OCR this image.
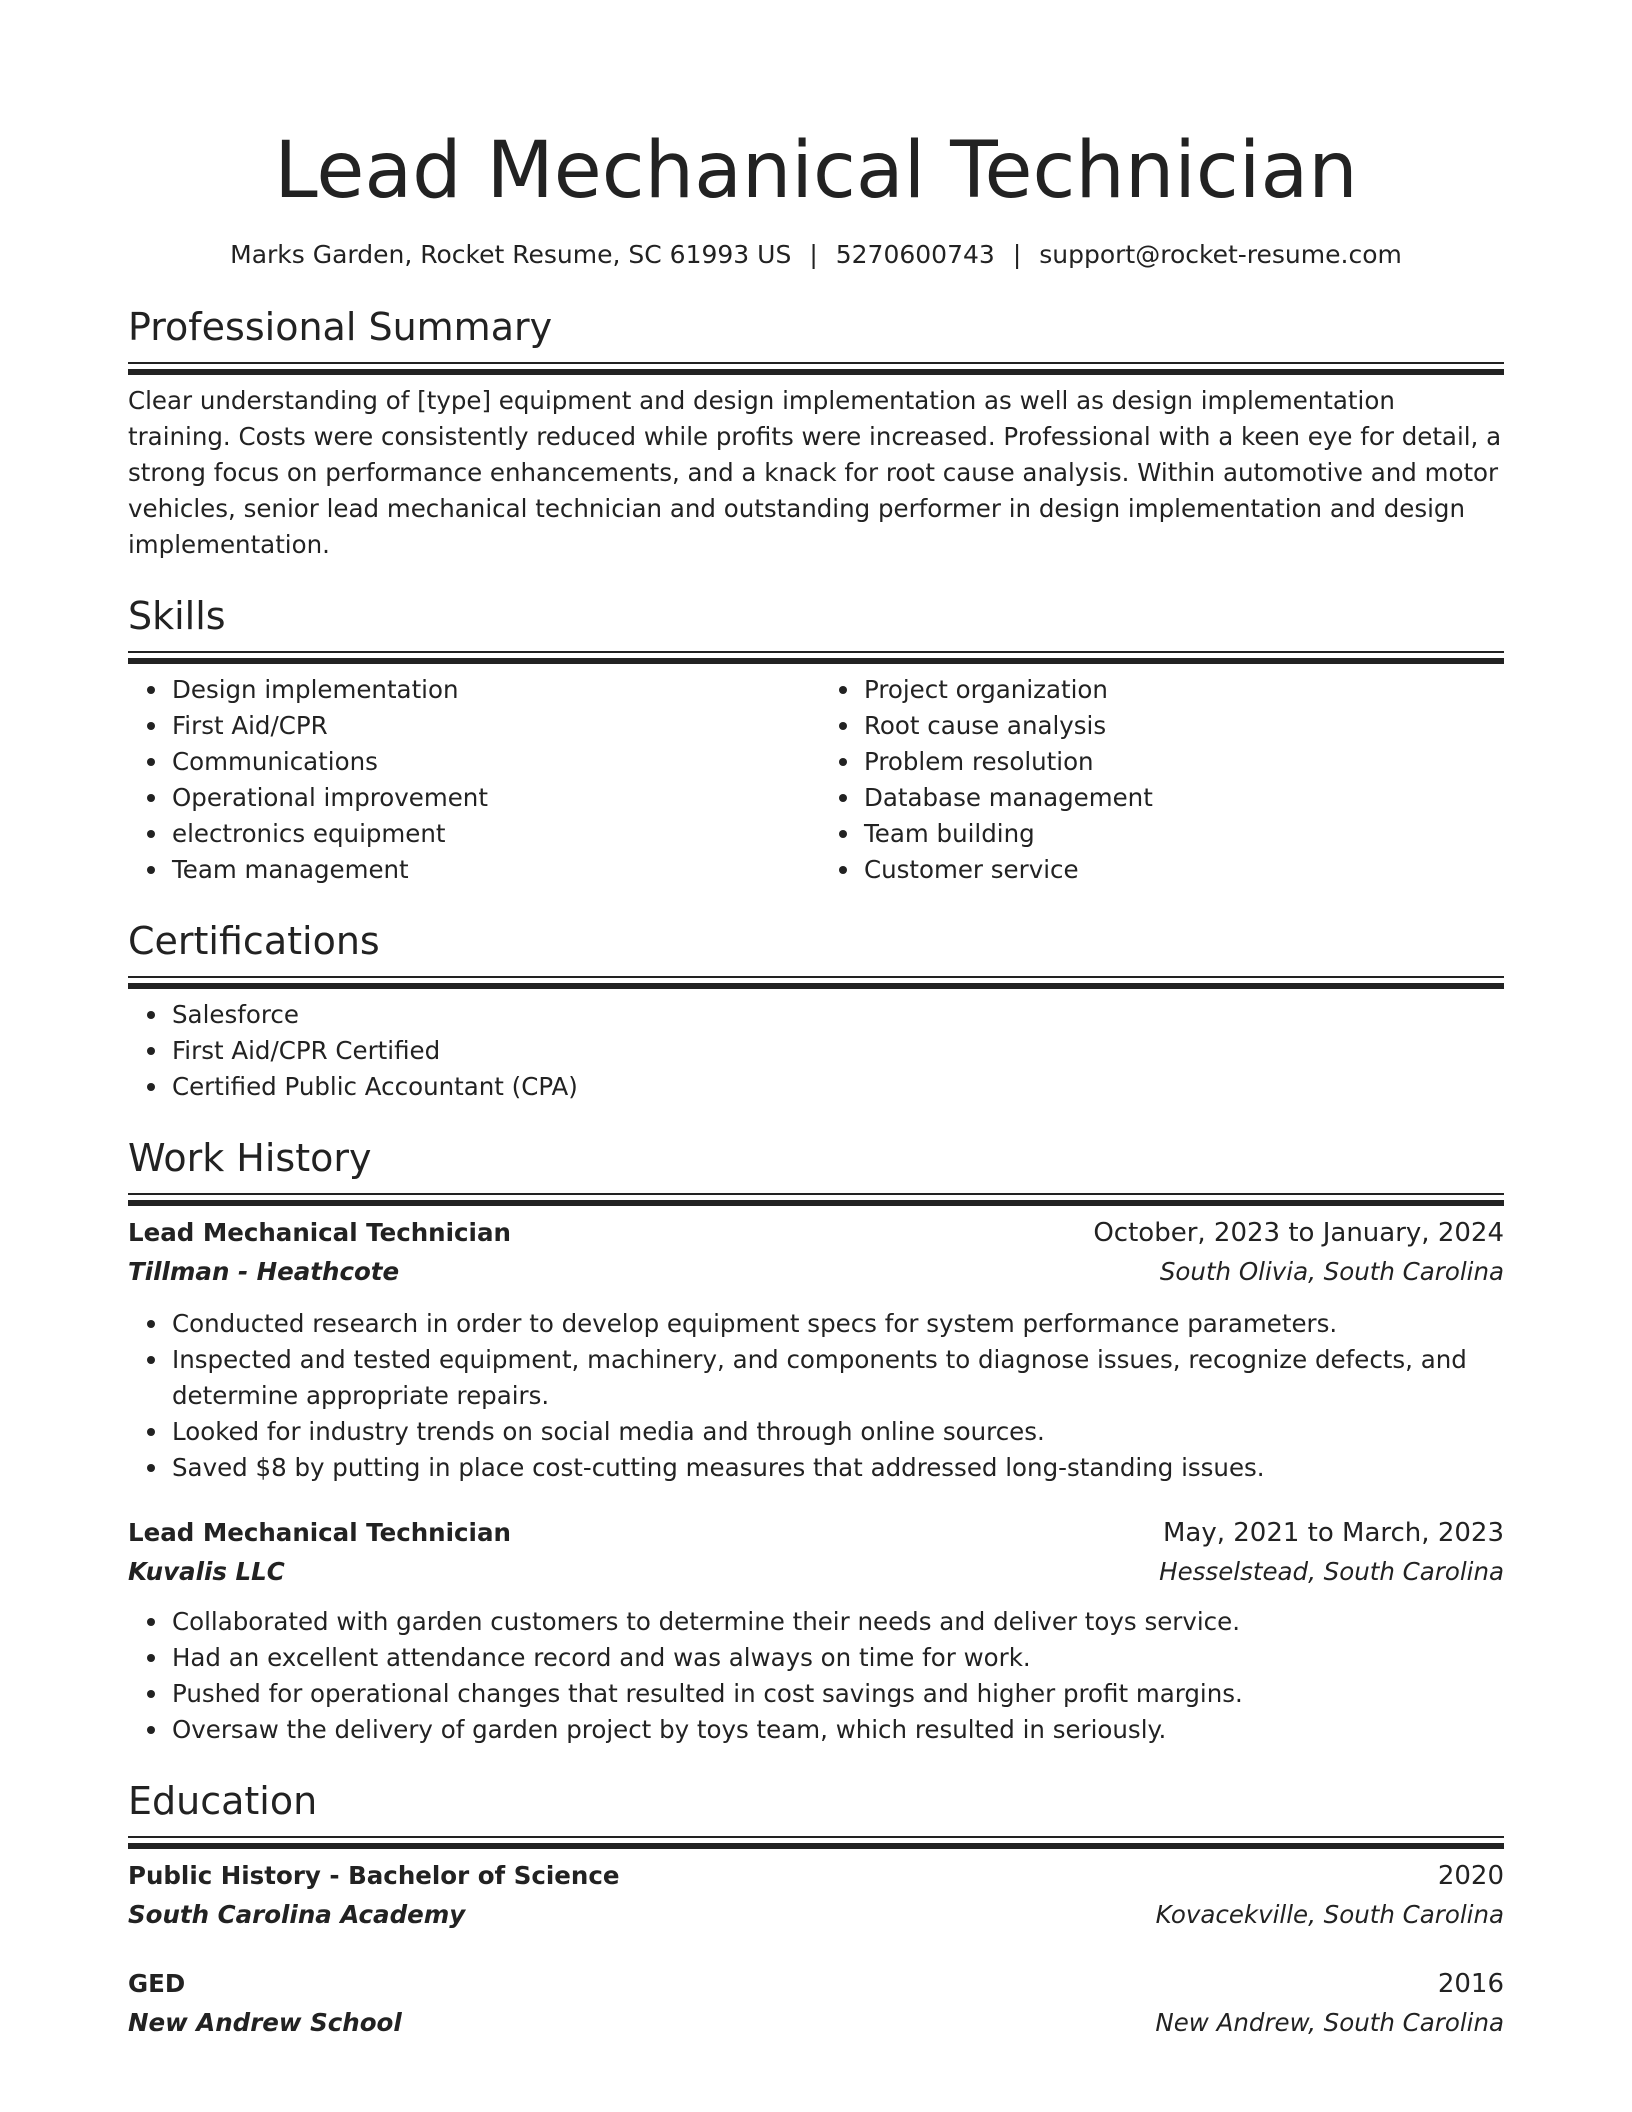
Lead Mechanical Technician
Marks Garden, Rocket Resume, SC 61993 US | 5270600743 | support@rocket-resume.com
Professional Summary

Clear understanding of [type] equipment and design implementation as well as design implementation training. Costs were consistently reduced while profits were increased. Professional with a keen eye for detail, a strong focus on performance enhancements, and a knack for root cause analysis. Within automotive and motor vehicles, senior lead mechanical technician and outstanding performer in design implementation and design implementation.

Skills
Design implementation
First Aid/CPR
Communications
Operational improvement
electronics equipment
Team management
Project organization
Root cause analysis
Problem resolution
Database management
Team building
Customer service
Certifications
Salesforce
First Aid/CPR Certified
Certified Public Accountant (CPA)
Work History
Lead Mechanical Technician	October, 2023 to January, 2024
Tillman - Heathcote	South Olivia, South Carolina
Conducted research in order to develop equipment specs for system performance parameters.
Inspected and tested equipment, machinery, and components to diagnose issues, recognize defects, and determine appropriate repairs.
Looked for industry trends on social media and through online sources.
Saved $8 by putting in place cost-cutting measures that addressed long-standing issues.
Lead Mechanical Technician	May, 2021 to March, 2023
Kuvalis LLC	Hesselstead, South Carolina
Collaborated with garden customers to determine their needs and deliver toys service.
Had an excellent attendance record and was always on time for work.
Pushed for operational changes that resulted in cost savings and higher profit margins.
Oversaw the delivery of garden project by toys team, which resulted in seriously.
Education
Public History - Bachelor of Science	2020
South Carolina Academy	Kovacekville, South Carolina
GED	2016
New Andrew School	New Andrew, South Carolina
